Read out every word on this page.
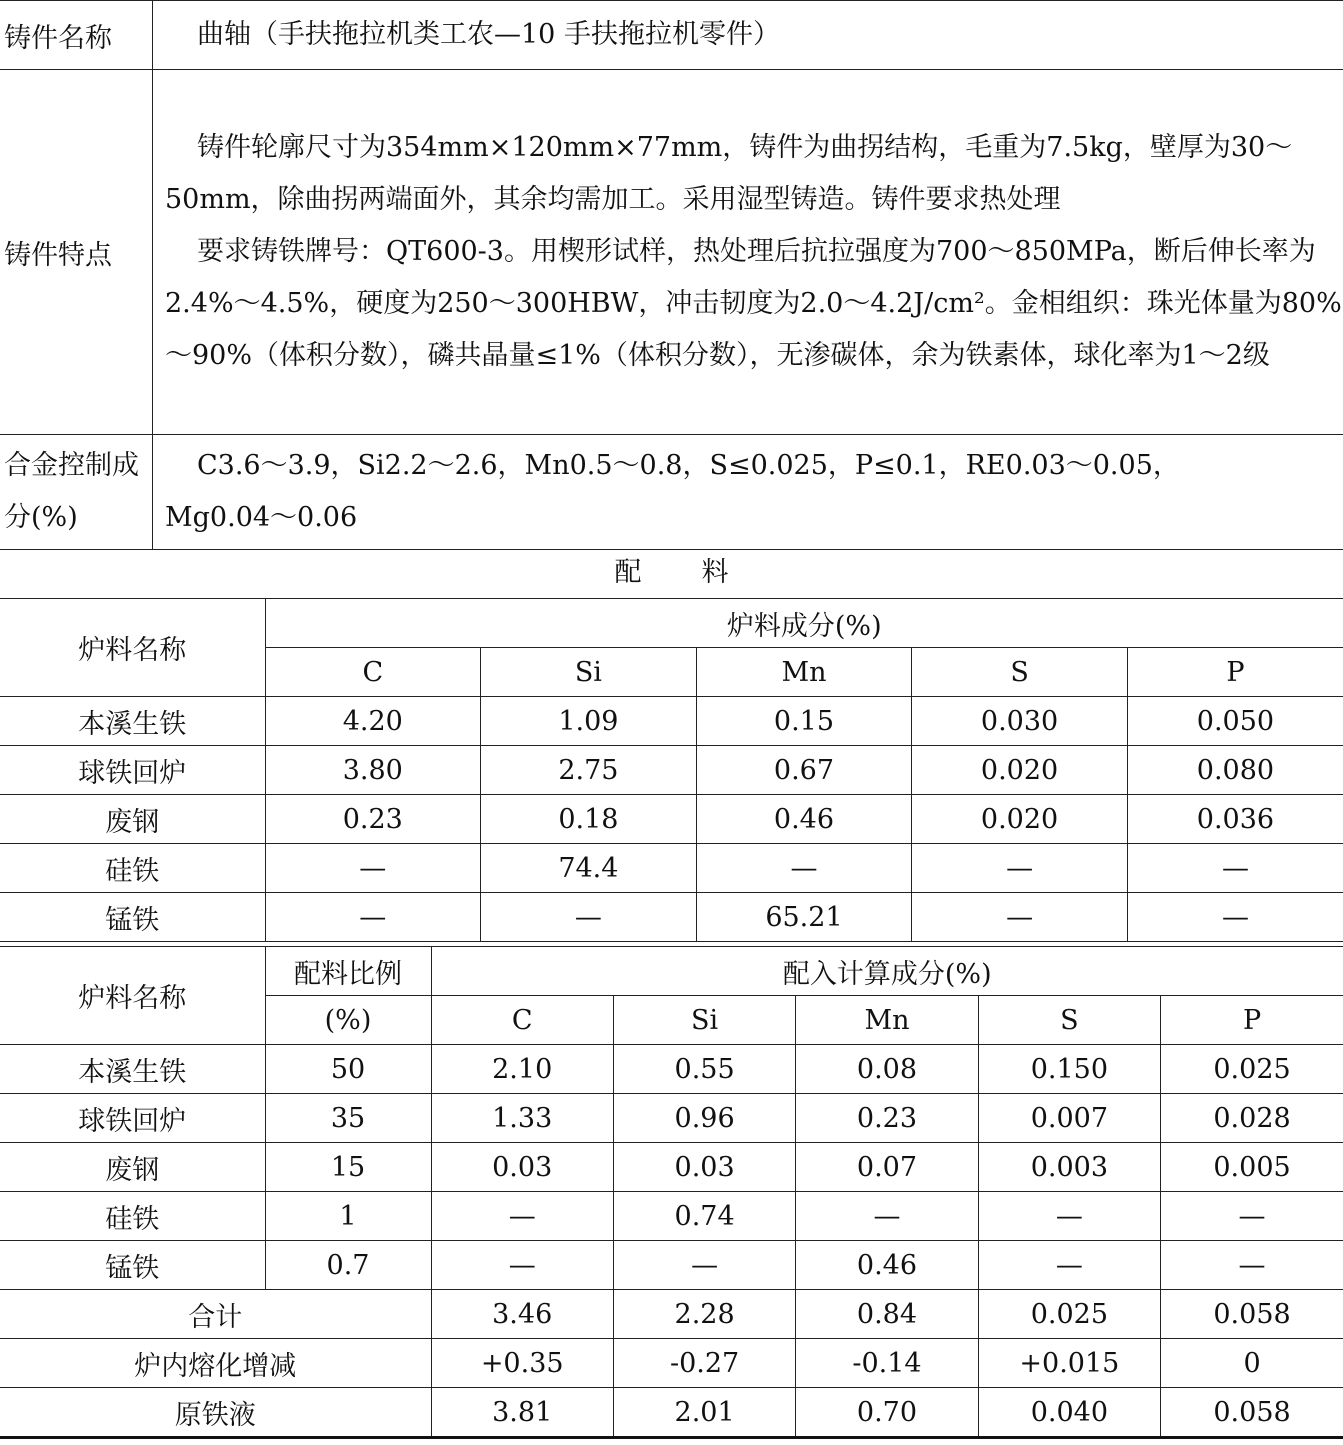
铸件名称	曲轴（手扶拖拉机类工农—10 手扶拖拉机零件）
铸件特点	铸件轮廓尺寸为354mm×120mm×77mm，铸件为曲拐结构，毛重为7.5kg，壁厚为30～50mm，除曲拐两端面外，其余均需加工。采用湿型铸造。铸件要求热处理
要求铸铁牌号：QT600-3。用楔形试样，热处理后抗拉强度为700～850MPa，断后伸长率为2.4%～4.5%，硬度为250～300HBW，冲击韧度为2.0～4.2J/cm²。金相组织：珠光体量为80%～90%（体积分数），磷共晶量≤1%（体积分数），无渗碳体，余为铁素体，球化率为1～2级

合金控制成分(%)	C3.6～3.9，Si2.2～2.6，Mn0.5～0.8，S≤0.025，P≤0.1，RE0.03～0.05，
Mg0.04～0.06
配料
炉料名称	炉料成分(%)				
	C	Si	Mn	S	P
本溪生铁	4.20	1.09	0.15	0.030	0.050
球铁回炉	3.80	2.75	0.67	0.020	0.080
废钢	0.23	0.18	0.46	0.020	0.036
硅铁	—	74.4	—	—	—
锰铁	—	—	65.21	—	—
炉料名称	配料比例	配入计算成分(%)				
	(%)	C	Si	Mn	S	P
本溪生铁	50	2.10	0.55	0.08	0.150	0.025
球铁回炉	35	1.33	0.96	0.23	0.007	0.028
废钢	15	0.03	0.03	0.07	0.003	0.005
硅铁	1	—	0.74	—	—	—
锰铁	0.7	—	—	0.46	—	—
合计		3.46	2.28	0.84	0.025	0.058
炉内熔化增减		+0.35	-0.27	-0.14	+0.015	0
原铁液		3.81	2.01	0.70	0.040	0.058
